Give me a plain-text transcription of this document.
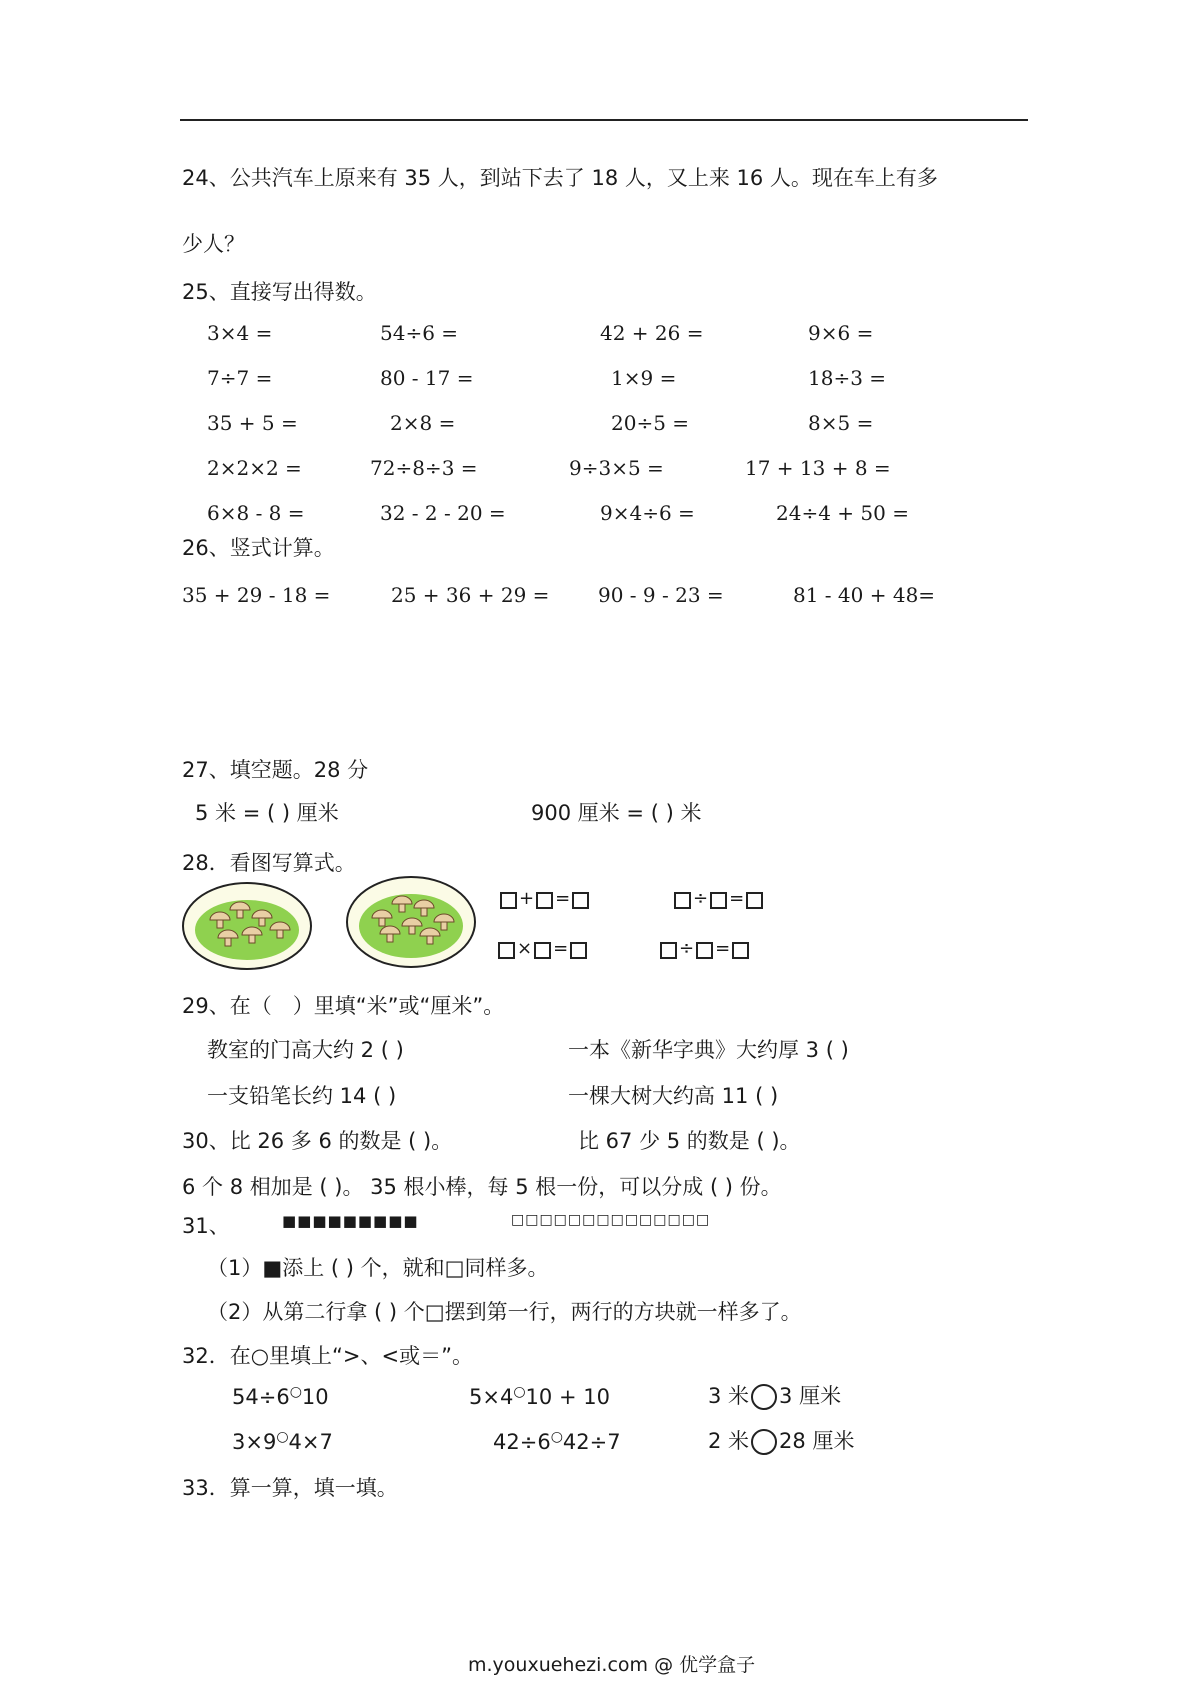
24、公共汽车上原来有 35 人，到站下去了 18 人，又上来 16 人。现在车上有多
少人？
25、直接写出得数。
3×4 =	54÷6 =	42 + 26 =	9×6 =
7÷7 =	80 - 17 =	1×9 =	18÷3 =
35 + 5 =	2×8 =	20÷5 =	8×5 =
2×2×2 =	72÷8÷3 =	9÷3×5 =	17 + 13 + 8 =
6×8 - 8 =	32 - 2 - 20 =	9×4÷6 =	24÷4 + 50 =
26、竖式计算。
35 + 29 - 18 =	25 + 36 + 29 = 90 - 9 - 23 =	81 - 40 + 48=
27、填空题。28 分
5 米 = ( ) 厘米	900 厘米 = ( ) 米
28．看图写算式。
+ =	÷ =
× =	÷ =
29、在（　）里填“米”或“厘米”。
教室的门高大约 2 ( )	一本《新华字典》大约厚 3 ( )
一支铅笔长约 14 ( )	一棵大树大约高 11 ( )
30、比 26 多 6 的数是 ( )。	比 67 少 5 的数是 ( )。
6 个 8 相加是 ( )。 35 根小棒，每 5 根一份，可以分成 ( ) 份。
31、	■■■■■■■■■	□□□□□□□□□□□□□□
（1）■添上 ( ) 个，就和□同样多。
（2）从第二行拿 ( ) 个□摆到第一行，两行的方块就一样多了。
32．在○里填上“>、<或＝”。
54÷6○10	5×4○10 + 10	3 米 3 厘米
3×9○4×7	42÷6○42÷7	2 米 28 厘米
33．算一算，填一填。
m.youxuehezi.com @ 优学盒子
